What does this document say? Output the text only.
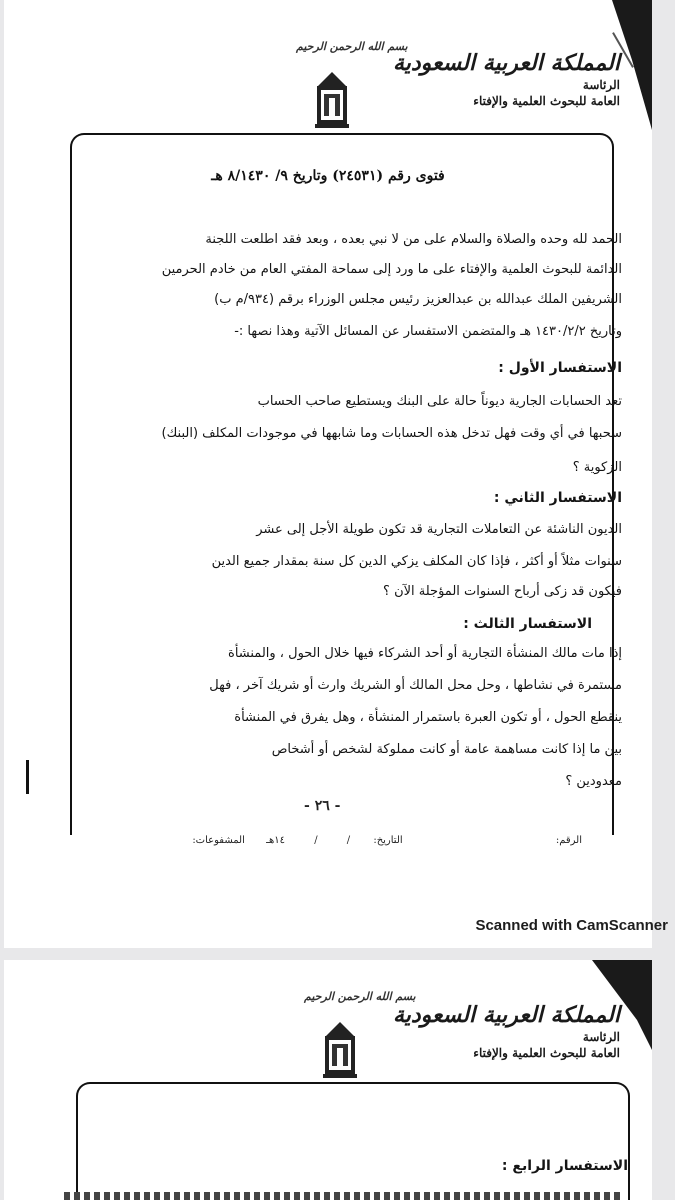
المملكة العربية السعودية
الرئاسة
العامة للبحوث العلمية والإفتاء
بسم الله الرحمن الرحيم
فتوى رقم (٢٤٥٣١) وتاريخ ٩/ ٨/١٤٣٠ هـ
الحمد لله وحده والصلاة والسلام على من لا نبي بعده ، وبعد فقد اطلعت اللجنة
الدائمة للبحوث العلمية والإفتاء على ما ورد إلى سماحة المفتي العام من خادم الحرمين
الشريفين الملك عبدالله بن عبدالعزيز رئيس مجلس الوزراء برقم (٩٣٤/م ب)
وتاريخ ١٤٣٠/٢/٢ هـ والمتضمن الاستفسار عن المسائل الآتية وهذا نصها :-
الاستفسار الأول :
تعد الحسابات الجارية ديوناً حالة على البنك ويستطيع صاحب الحساب
سحبها في أي وقت فهل تدخل هذه الحسابات وما شابهها في موجودات المكلف (البنك)
الزكوية ؟
الاستفسار الثاني :
الديون الناشئة عن التعاملات التجارية قد تكون طويلة الأجل إلى عشر
سنوات مثلاً أو أكثر ، فإذا كان المكلف يزكي الدين كل سنة بمقدار جميع الدين
فيكون قد زكى أرباح السنوات المؤجلة الآن ؟
الاستفسار الثالث :
إذا مات مالك المنشأة التجارية أو أحد الشركاء فيها خلال الحول ، والمنشأة
مستمرة في نشاطها ، وحل محل المالك أو الشريك وارث أو شريك آخر ، فهل
ينقطع الحول ، أو تكون العبرة باستمرار المنشأة ، وهل يفرق في المنشأة
بين ما إذا كانت مساهمة عامة أو كانت مملوكة لشخص أو أشخاص
معدودين ؟
- ٢٦ -
الرقم: التاريخ: / / ١٤هـ المشفوعات:
Scanned with CamScanner
المملكة العربية السعودية
الرئاسة
العامة للبحوث العلمية والإفتاء
بسم الله الرحمن الرحيم
الاستفسار الرابع :
